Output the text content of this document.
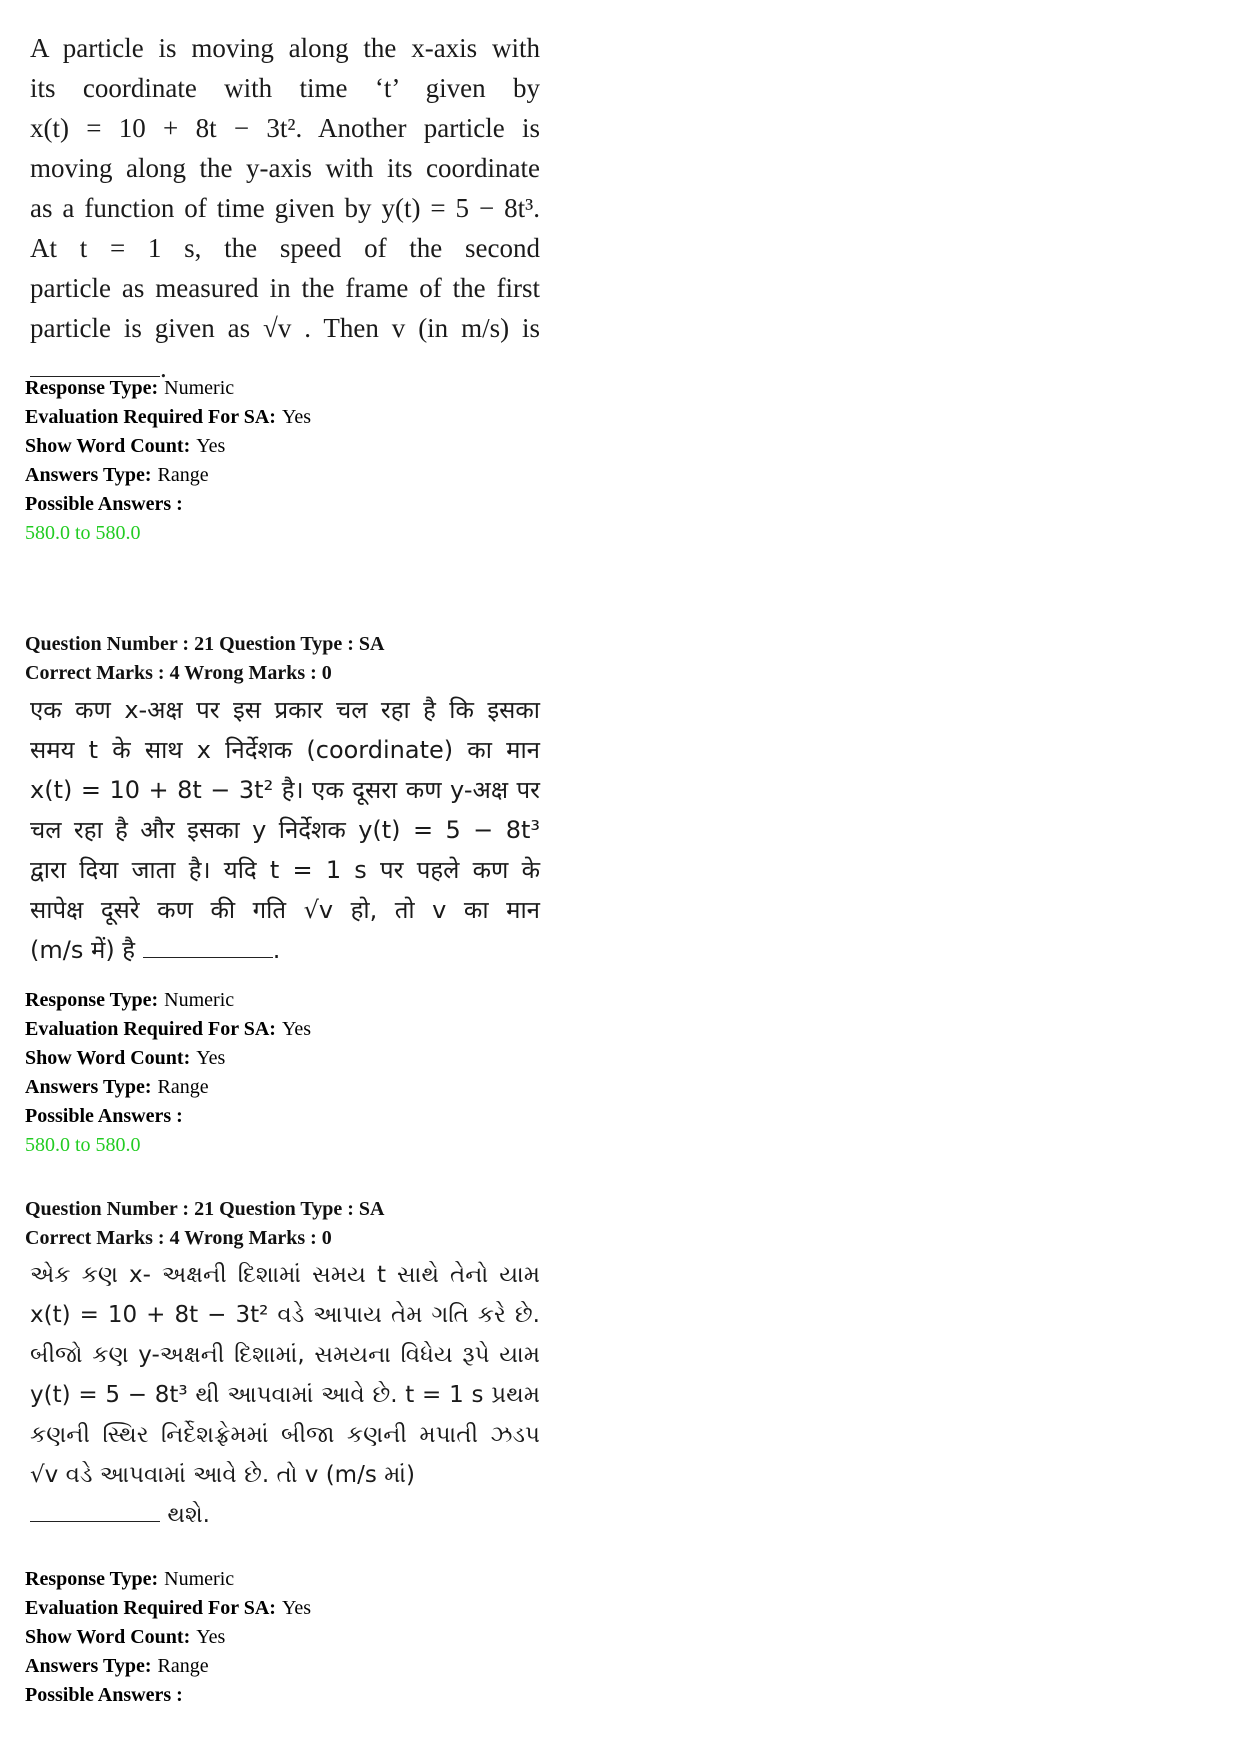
A particle is moving along the x-axis with

its coordinate with time ‘t’ given by

x(t) = 10 + 8t − 3t². Another particle is

moving along the y-axis with its coordinate

as a function of time given by y(t) = 5 − 8t³.

At t = 1 s, the speed of the second

particle as measured in the frame of the first

particle is given as √v . Then v (in m/s) is

.

Response Type: Numeric
Evaluation Required For SA: Yes
Show Word Count: Yes
Answers Type: Range
Possible Answers :
580.0 to 580.0
Question Number : 21 Question Type : SA
Correct Marks : 4 Wrong Marks : 0

एक कण x-अक्ष पर इस प्रकार चल रहा है कि इसका

समय t के साथ x निर्देशक (coordinate) का मान

x(t) = 10 + 8t − 3t² है। एक दूसरा कण y-अक्ष पर

चल रहा है और इसका y निर्देशक y(t) = 5 − 8t³

द्वारा दिया जाता है। यदि t = 1 s पर पहले कण के

सापेक्ष दूसरे कण की गति √v हो, तो v का मान

(m/s में) है	.

Response Type: Numeric
Evaluation Required For SA: Yes
Show Word Count: Yes
Answers Type: Range
Possible Answers :
580.0 to 580.0
Question Number : 21 Question Type : SA
Correct Marks : 4 Wrong Marks : 0

એક કણ x- અક્ષની દિશામાં સમય t સાથે તેનો યામ

x(t) = 10 + 8t − 3t² વડે આપાય તેમ ગતિ કરે છે.

બીજો કણ y-અક્ષની દિશામાં, સમયના વિધેય રૂપે યામ

y(t) = 5 − 8t³ થી આપવામાં આવે છે. t = 1 s પ્રથમ

કણની સ્થિર નિર્દેશફ્રેમમાં બીજા કણની મપાતી ઝડપ

√v વડે આપવામાં આવે છે. તો v (m/s માં)

થશે.

Response Type: Numeric
Evaluation Required For SA: Yes
Show Word Count: Yes
Answers Type: Range
Possible Answers :
